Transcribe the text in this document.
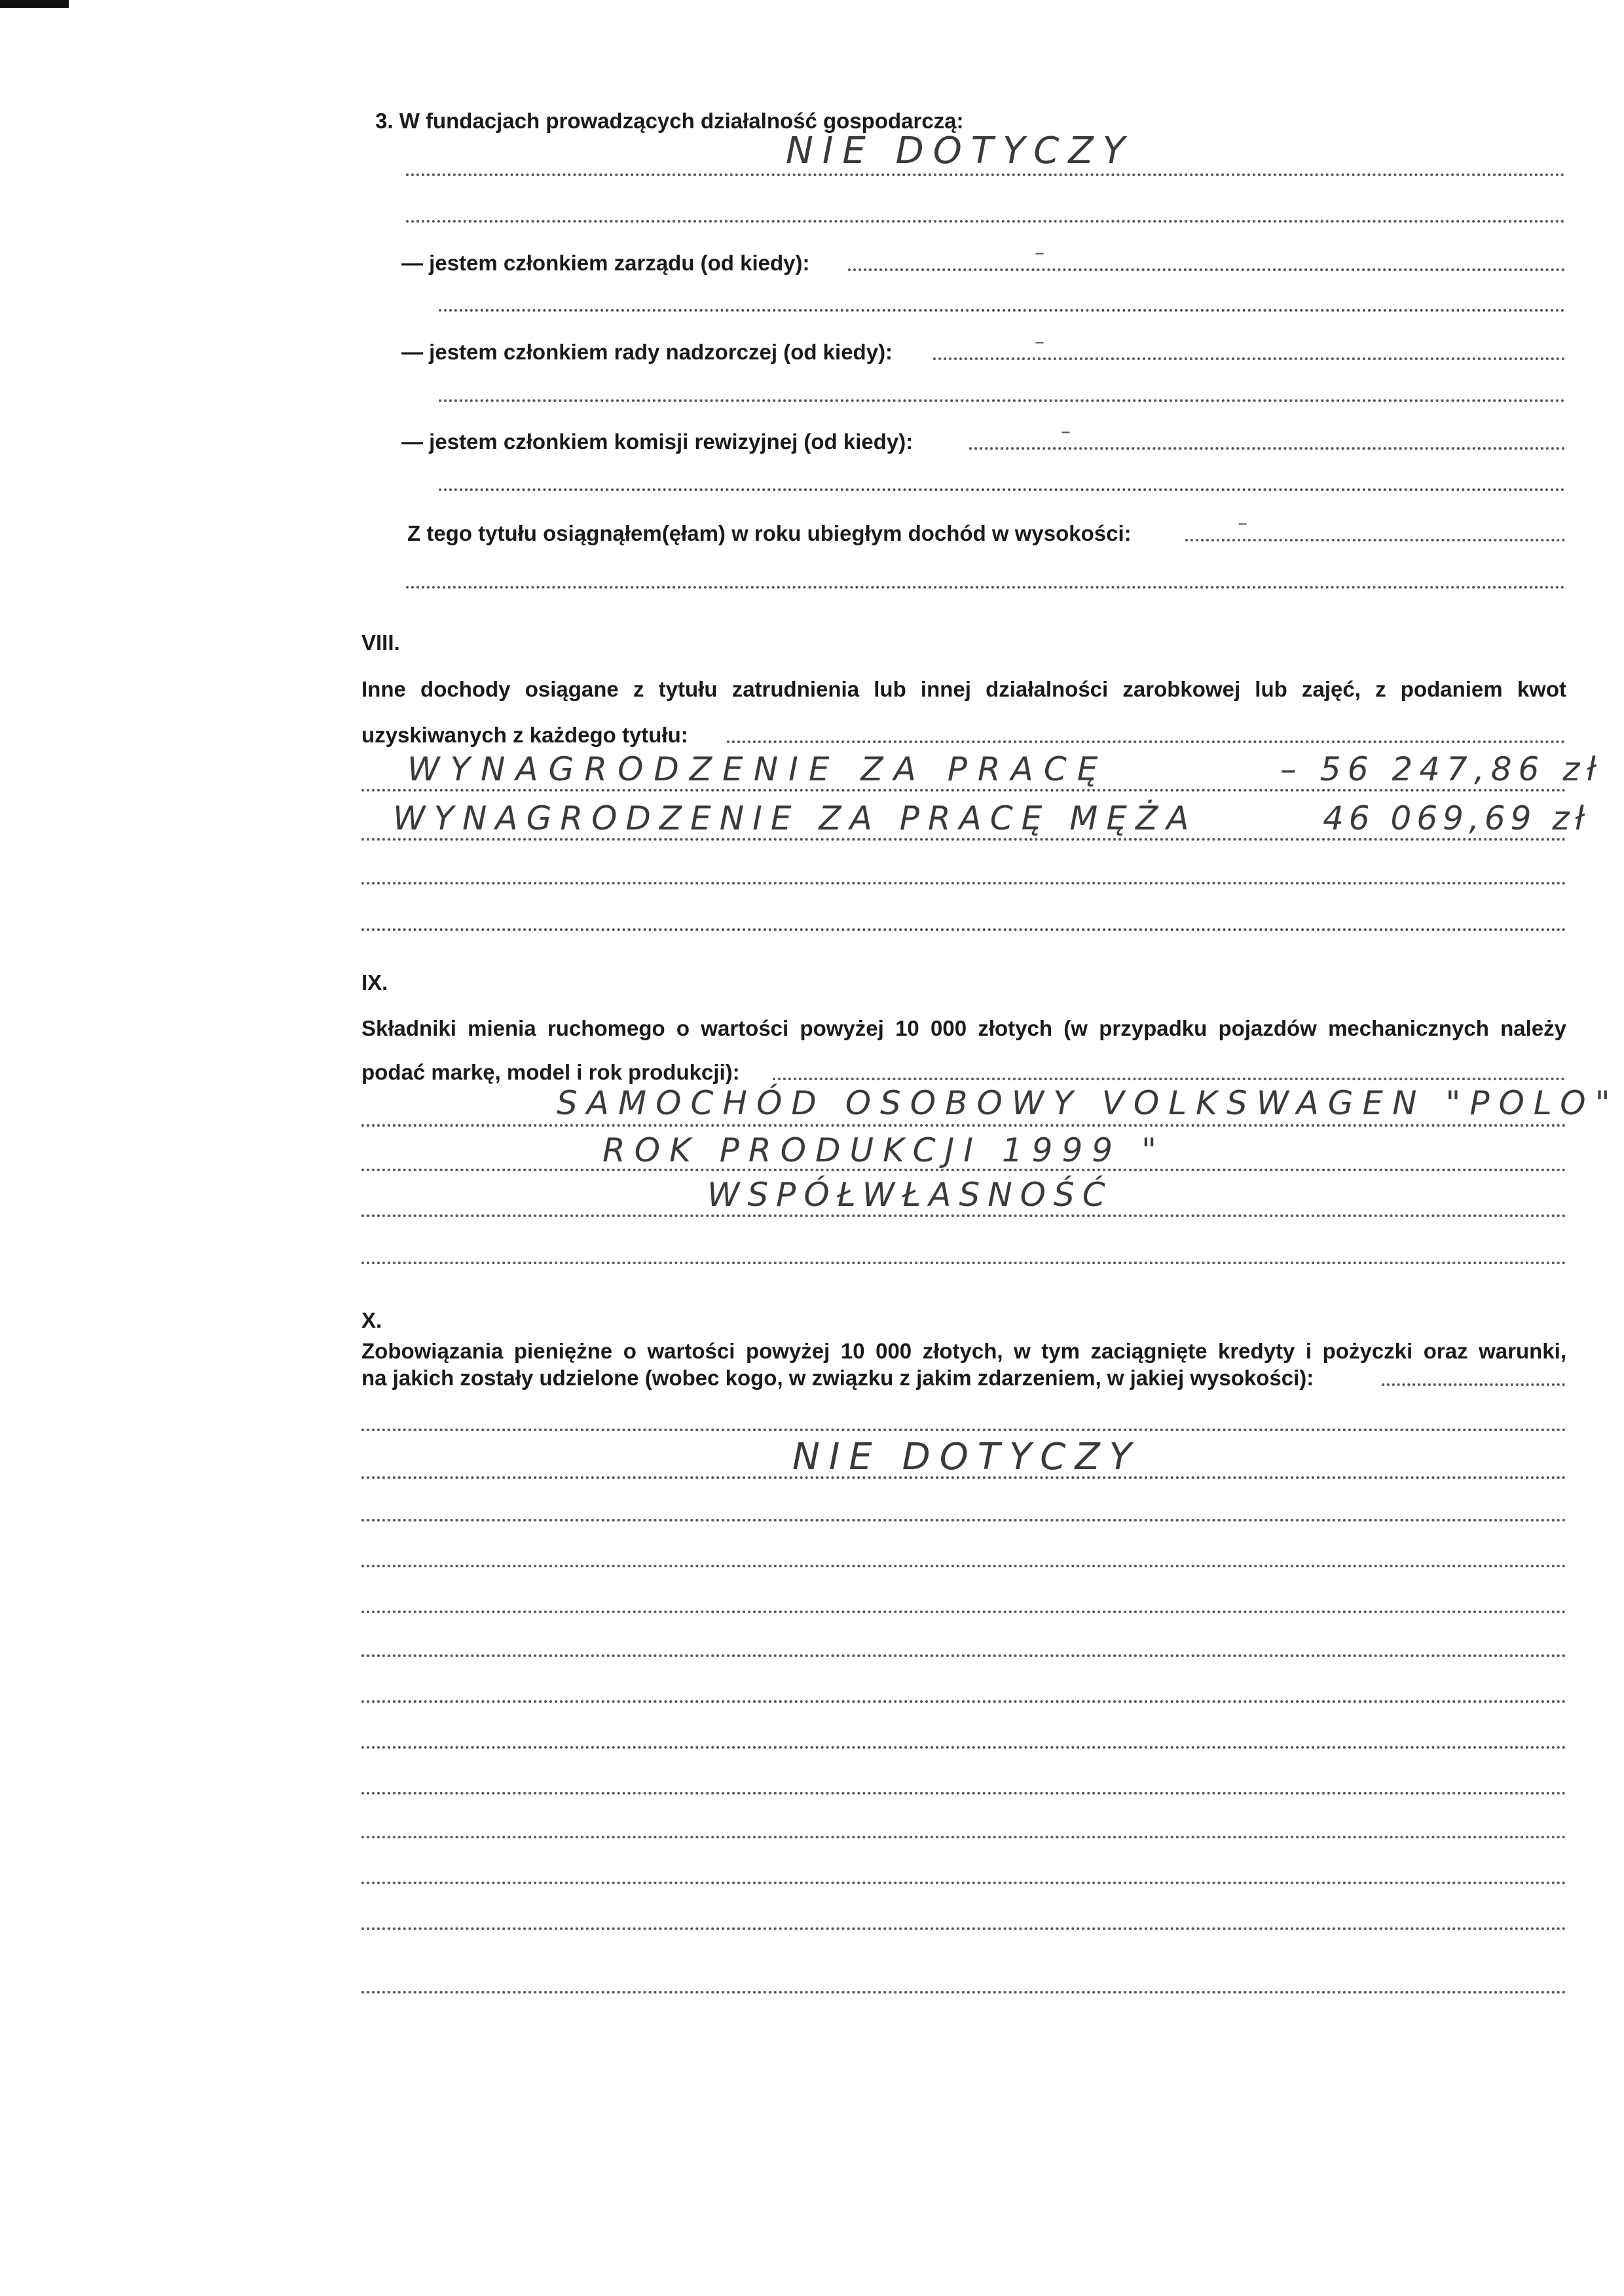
3. W fundacjach prowadzących działalność gospodarczą:
NIE DOTYCZY
— jestem członkiem zarządu (od kiedy):	–
— jestem członkiem rady nadzorczej (od kiedy):	–
— jestem członkiem komisji rewizyjnej (od kiedy):	–
Z tego tytułu osiągnąłem(ęłam) w roku ubiegłym dochód w wysokości:	–
VIII.
Inne dochody osiągane z tytułu zatrudnienia lub innej działalności zarobkowej lub zajęć, z podaniem kwot
uzyskiwanych z każdego tytułu:
WYNAGRODZENIE ZA PRACĘ	– 56 247,86 zł
WYNAGRODZENIE ZA PRACĘ MĘŻA	46 069,69 zł
IX.
Składniki mienia ruchomego o wartości powyżej 10 000 złotych (w przypadku pojazdów mechanicznych należy
podać markę, model i rok produkcji):
SAMOCHÓD OSOBOWY VOLKSWAGEN "POLO"
ROK PRODUKCJI 1999 "
WSPÓŁWŁASNOŚĆ
X.
Zobowiązania pieniężne o wartości powyżej 10 000 złotych, w tym zaciągnięte kredyty i pożyczki oraz warunki,
na jakich zostały udzielone (wobec kogo, w związku z jakim zdarzeniem, w jakiej wysokości):
NIE DOTYCZY
